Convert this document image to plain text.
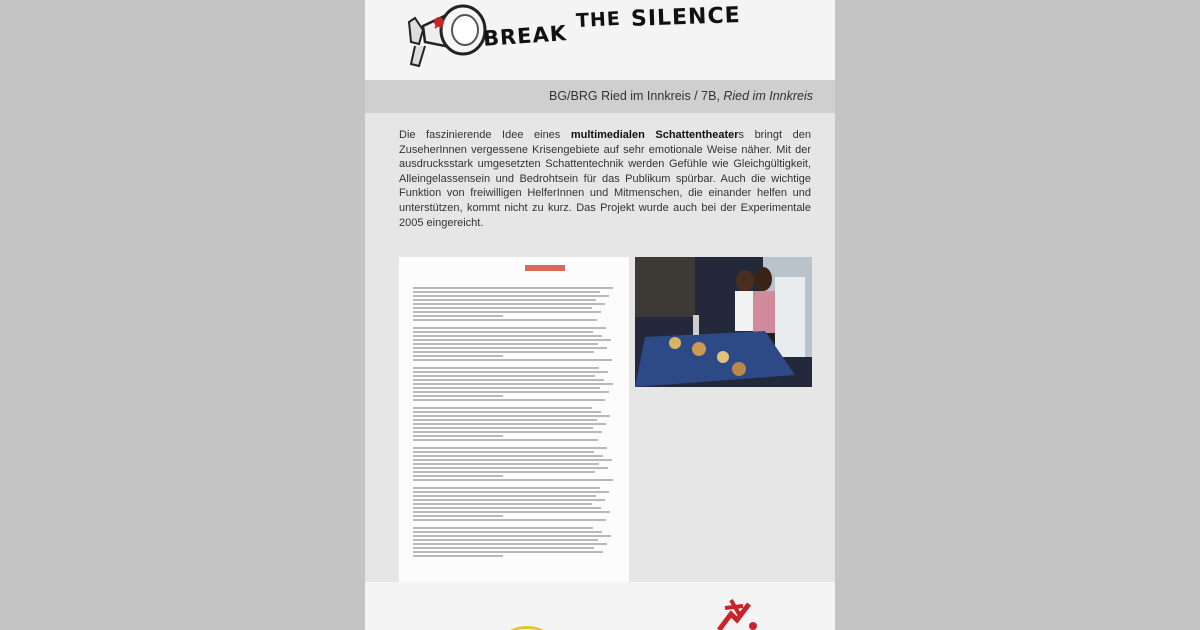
BREAK
THE SILENCE
BG/BRG Ried im Innkreis / 7B, Ried im Innkreis
Die faszinierende Idee eines multimedialen Schattentheaters bringt den ZuseherInnen vergessene Krisengebiete auf sehr emotionale Weise näher. Mit der ausdrucksstark umgesetzten Schattentechnik werden Gefühle wie Gleichgültigkeit, Alleingelassensein und Bedrohtsein für das Publikum spürbar. Auch die wichtige Funktion von freiwilligen HelferInnen und Mitmenschen, die einander helfen und unterstützen, kommt nicht zu kurz. Das Projekt wurde auch bei der Experimentale 2005 eingereicht.
